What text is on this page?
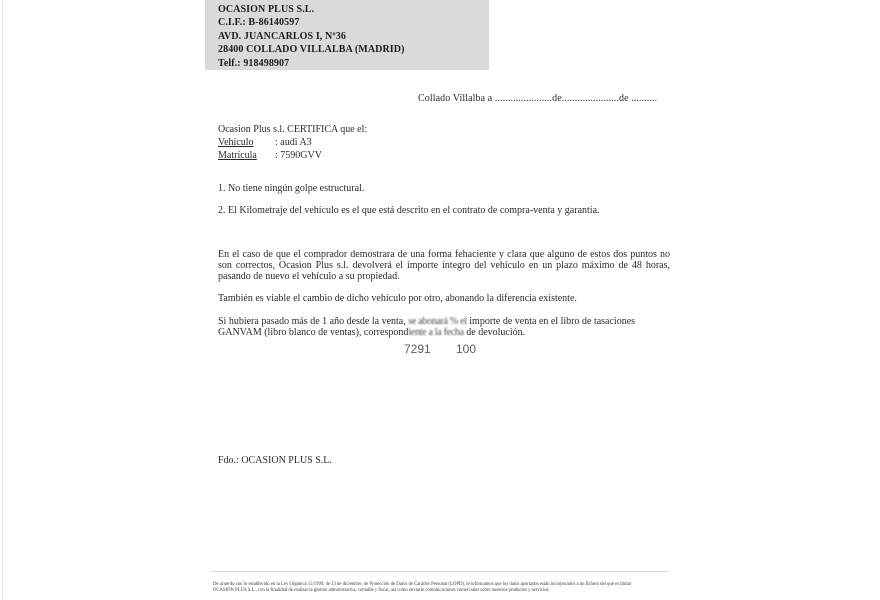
OCASION PLUS S.L.
C.I.F.: B-86140597
AVD. JUANCARLOS I, Nº36
28400 COLLADO VILLALBA (MADRID)
Telf.: 918498907
Collado Villalba a ......................de......................de ..........
Ocasion Plus s.l. CERTIFICA que el:
Vehículo : audi A3
Matrícula : 7590GVV
1. No tiene ningún golpe estructural.
2. El Kilometraje del vehículo es el que está descrito en el contrato de compra-venta y garantía.
En el caso de que el comprador demostrara de una forma fehaciente y clara que alguno de estos dos puntos no son correctos, Ocasion Plus s.l. devolverá el importe íntegro del vehículo en un plazo máximo de 48 horas, pasando de nuevo el vehículo a su propiedad.
También es viable el cambio de dicho vehículo por otro, abonando la diferencia existente.
Si hubiera pasado más de 1 año desde la venta, se abonará % el importe de venta en el libro de tasaciones
GANVAM (libro blanco de ventas), correspondiente a la fecha de devolución.
7291 100
Fdo.: OCASION PLUS S.L.
De acuerdo con lo establecido en la Ley Orgánica 15/1999, de 13 de diciembre, de Protección de Datos de Carácter Personal (LOPD), le informamos que los datos aportados están incorporados a un fichero del que es titular
OCASION PLUS S.L., con la finalidad de realizar la gestión administrativa, contable y fiscal, así como enviarle comunicaciones comerciales sobre nuestros productos y servicios.
